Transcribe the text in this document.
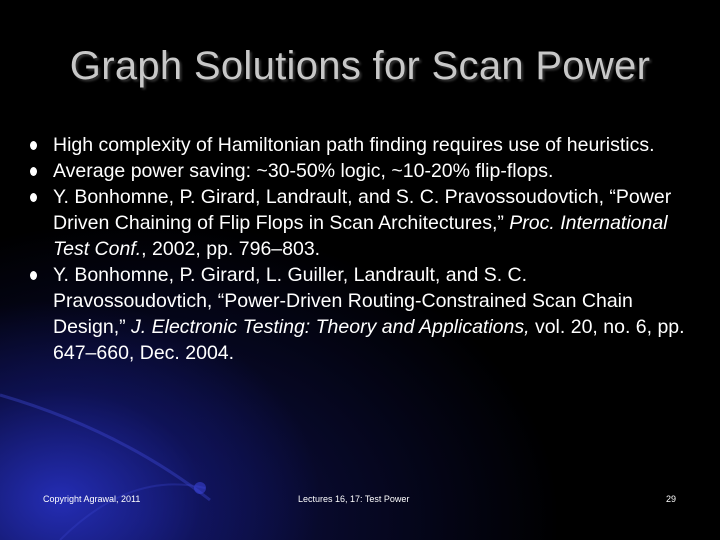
Graph Solutions for Scan Power
High complexity of Hamiltonian path finding requires use of heuristics.
Average power saving: ~30-50% logic, ~10-20% flip-flops.
Y. Bonhomne, P. Girard, Landrault, and S. C. Pravossoudovtich, “Power Driven Chaining of Flip Flops in Scan Architectures,” Proc. International Test Conf., 2002, pp. 796–803.
Y. Bonhomne, P. Girard, L. Guiller, Landrault, and S. C. Pravossoudovtich, “Power-Driven Routing-Constrained Scan Chain Design,” J. Electronic Testing: Theory and Applications, vol. 20, no. 6, pp. 647–660, Dec. 2004.
Copyright Agrawal, 2011	Lectures 16, 17: Test Power	29
